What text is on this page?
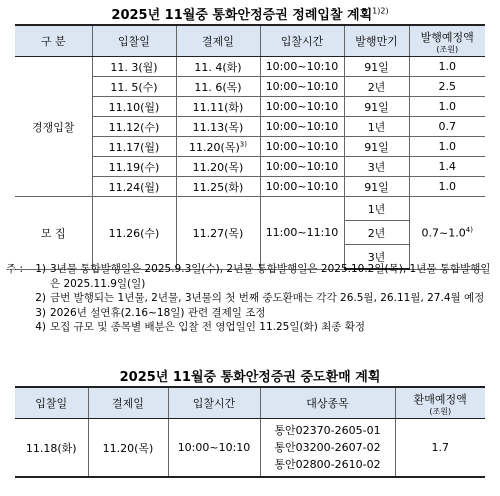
2025년 11월중 통화안정증권 정례입찰 계획$^{1)2)}$
구 분	입찰일	결제일	입찰시간	발행만기	발행예정액
(조원)

경쟁입찰	11. 3(월)	11. 4(화)	10:00~10:10	91일	1.0
	11. 5(수)	11. 6(목)	10:00~10:10	2년	2.5
	11.10(월)	11.11(화)	10:00~10:10	91일	1.0
	11.12(수)	11.13(목)	10:00~10:10	1년	0.7
	11.17(월)	11.20(목)$^{3)}$	10:00~10:10	91일	1.0
	11.19(수)	11.20(목)	10:00~10:10	3년	1.4
	11.24(월)	11.25(화)	10:00~10:10	91일	1.0
모 집	11.26(수)	11.27(목)	11:00~11:10	1년	0.7~1.0$^{4)}$
				2년	
				3년	
주 :	1) 3년물 통합발행일은 2025.9.3일(수), 2년물 통합발행일은 2025.10.2일(목), 1년물 통합발행일은 2025.11.9일(일)
2) 금번 발행되는 1년물, 2년물, 3년물의 첫 번째 중도환매는 각각 26.5월, 26.11월, 27.4월 예정
3) 2026년 설연휴(2.16~18일) 관련 결제일 조정
4) 모집 규모 및 종목별 배분은 입찰 전 영업일인 11.25일(화) 최종 확정
2025년 11월중 통화안정증권 중도환매 계획
입찰일	결제일	입찰시간	대상종목	환매예정액
(조원)

11.18(화)	11.20(목)	10:00~10:10	통안02370-2605-01
통안03200-2607-02
통안02800-2610-02	1.7
